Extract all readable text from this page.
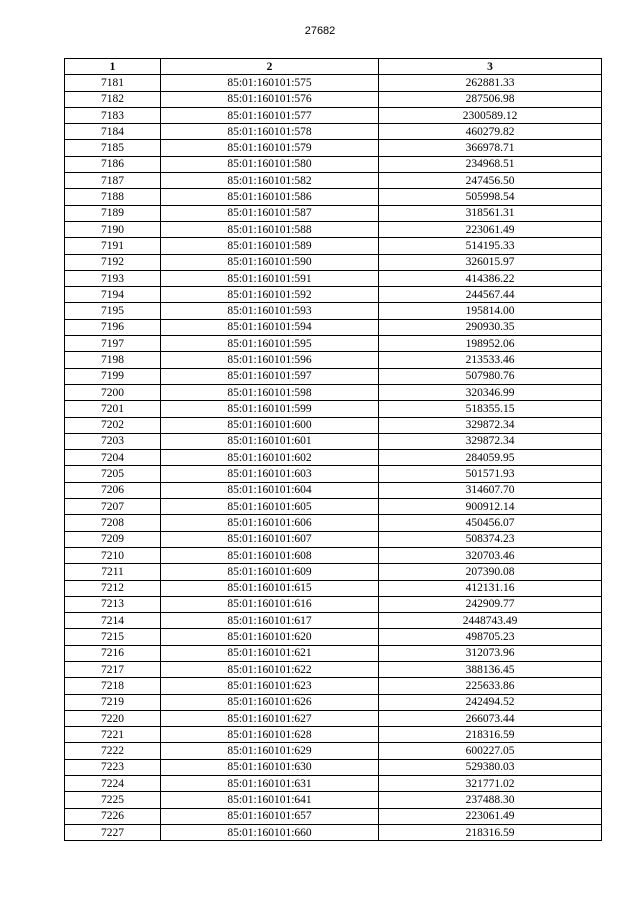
27682
1	2	3
7181	85:01:160101:575	262881.33
7182	85:01:160101:576	287506.98
7183	85:01:160101:577	2300589.12
7184	85:01:160101:578	460279.82
7185	85:01:160101:579	366978.71
7186	85:01:160101:580	234968.51
7187	85:01:160101:582	247456.50
7188	85:01:160101:586	505998.54
7189	85:01:160101:587	318561.31
7190	85:01:160101:588	223061.49
7191	85:01:160101:589	514195.33
7192	85:01:160101:590	326015.97
7193	85:01:160101:591	414386.22
7194	85:01:160101:592	244567.44
7195	85:01:160101:593	195814.00
7196	85:01:160101:594	290930.35
7197	85:01:160101:595	198952.06
7198	85:01:160101:596	213533.46
7199	85:01:160101:597	507980.76
7200	85:01:160101:598	320346.99
7201	85:01:160101:599	518355.15
7202	85:01:160101:600	329872.34
7203	85:01:160101:601	329872.34
7204	85:01:160101:602	284059.95
7205	85:01:160101:603	501571.93
7206	85:01:160101:604	314607.70
7207	85:01:160101:605	900912.14
7208	85:01:160101:606	450456.07
7209	85:01:160101:607	508374.23
7210	85:01:160101:608	320703.46
7211	85:01:160101:609	207390.08
7212	85:01:160101:615	412131.16
7213	85:01:160101:616	242909.77
7214	85:01:160101:617	2448743.49
7215	85:01:160101:620	498705.23
7216	85:01:160101:621	312073.96
7217	85:01:160101:622	388136.45
7218	85:01:160101:623	225633.86
7219	85:01:160101:626	242494.52
7220	85:01:160101:627	266073.44
7221	85:01:160101:628	218316.59
7222	85:01:160101:629	600227.05
7223	85:01:160101:630	529380.03
7224	85:01:160101:631	321771.02
7225	85:01:160101:641	237488.30
7226	85:01:160101:657	223061.49
7227	85:01:160101:660	218316.59
